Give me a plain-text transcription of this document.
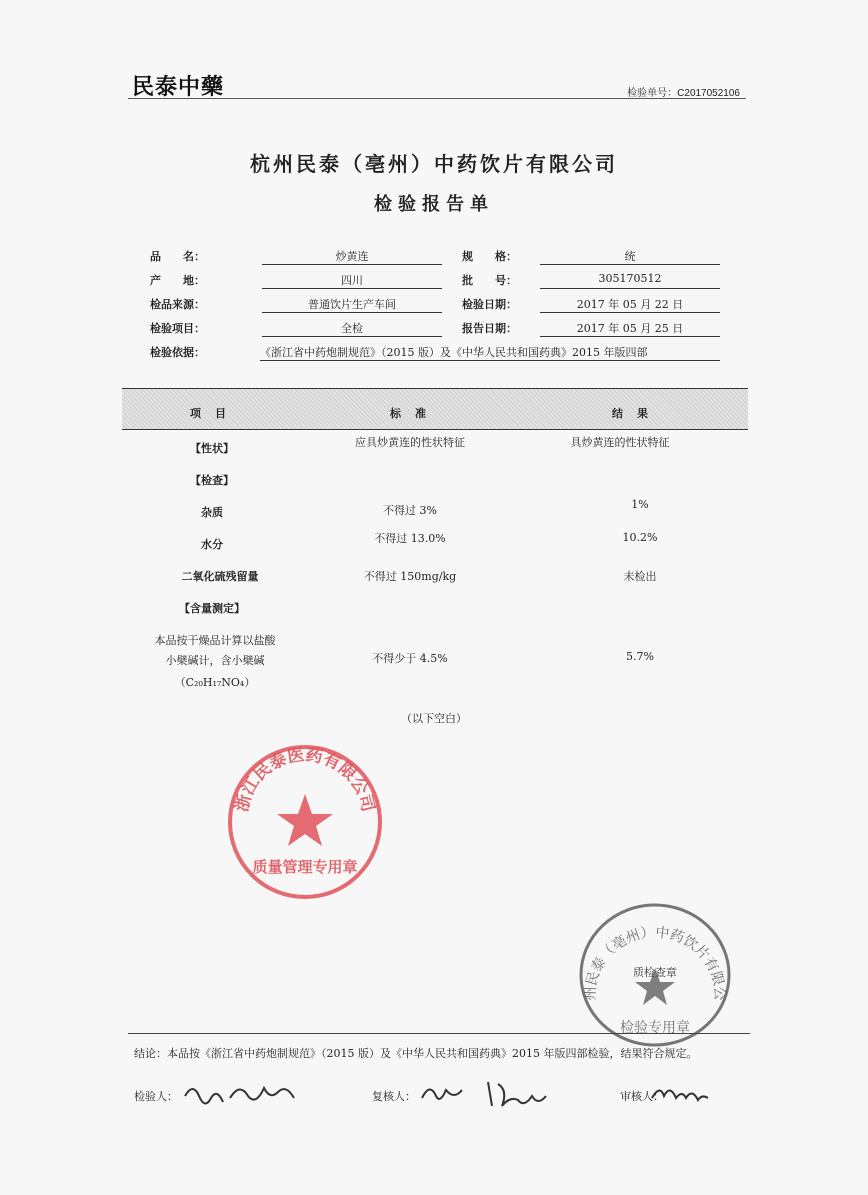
民泰中藥	检验单号：C2017052106
杭州民泰（亳州）中药饮片有限公司
检验报告单
品　　名：	炒黄连	规　　格：	统
产　　地：	四川	批　　号：	305170512
检品来源：	普通饮片生产车间	检验日期：	2017 年 05 月 22 日
检验项目：	全检	报告日期：	2017 年 05 月 25 日
检验依据：	《浙江省中药炮制规范》（2015 版）及《中华人民共和国药典》2015 年版四部
项目	标准	结果
【性状】	应具炒黄连的性状特征	具炒黄连的性状特征
【检查】
杂质	不得过 3%	1%
水分	不得过 13.0%	10.2%
二氧化硫残留量	不得过 150mg/kg	未检出
【含量测定】
本品按干燥品计算以盐酸
小檗碱计，含小檗碱
（C₂₀H₁₇NO₄）
不得少于 4.5%	5.7%
（以下空白）
浙江民泰医药有限公司
质量管理专用章
州民泰（亳州）中药饮片有限公
质检查章
检验专用章
结论：本品按《浙江省中药炮制规范》（2015 版）及《中华人民共和国药典》2015 年版四部检验，结果符合规定。
检验人：	复核人：	审核人：
